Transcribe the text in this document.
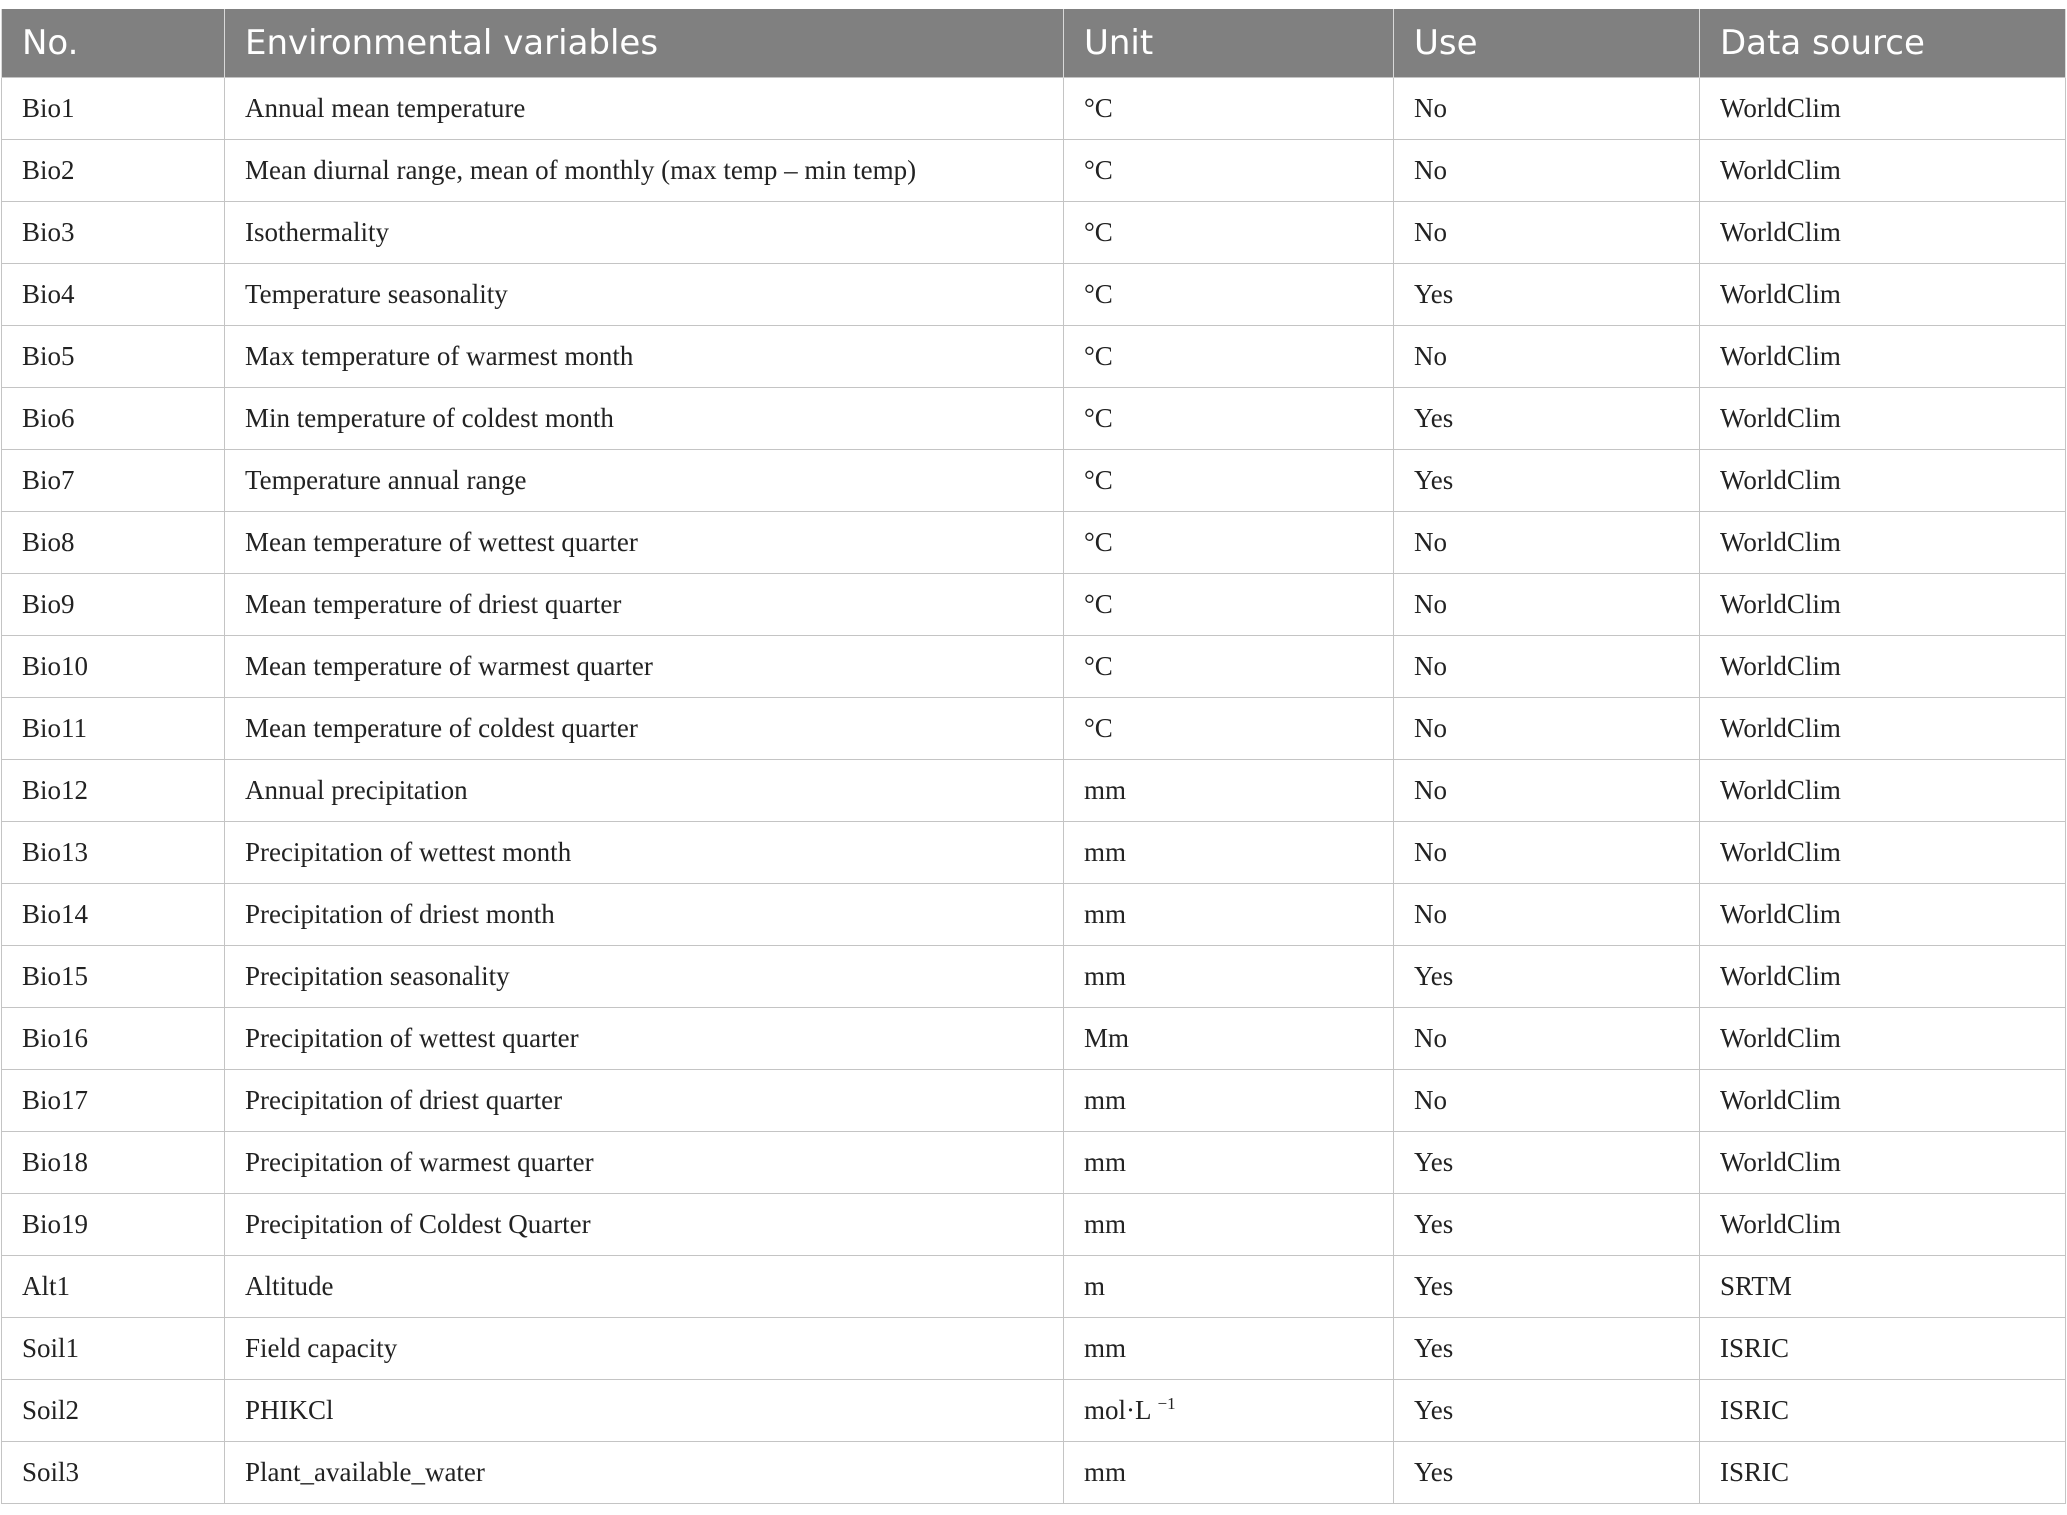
No.	Environmental variables	Unit	Use	Data source
Bio1	Annual mean temperature	°C	No	WorldClim
Bio2	Mean diurnal range, mean of monthly (max temp – min temp)	°C	No	WorldClim
Bio3	Isothermality	°C	No	WorldClim
Bio4	Temperature seasonality	°C	Yes	WorldClim
Bio5	Max temperature of warmest month	°C	No	WorldClim
Bio6	Min temperature of coldest month	°C	Yes	WorldClim
Bio7	Temperature annual range	°C	Yes	WorldClim
Bio8	Mean temperature of wettest quarter	°C	No	WorldClim
Bio9	Mean temperature of driest quarter	°C	No	WorldClim
Bio10	Mean temperature of warmest quarter	°C	No	WorldClim
Bio11	Mean temperature of coldest quarter	°C	No	WorldClim
Bio12	Annual precipitation	mm	No	WorldClim
Bio13	Precipitation of wettest month	mm	No	WorldClim
Bio14	Precipitation of driest month	mm	No	WorldClim
Bio15	Precipitation seasonality	mm	Yes	WorldClim
Bio16	Precipitation of wettest quarter	Mm	No	WorldClim
Bio17	Precipitation of driest quarter	mm	No	WorldClim
Bio18	Precipitation of warmest quarter	mm	Yes	WorldClim
Bio19	Precipitation of Coldest Quarter	mm	Yes	WorldClim
Alt1	Altitude	m	Yes	SRTM
Soil1	Field capacity	mm	Yes	ISRIC
Soil2	PHIKCl	mol·L $^{-1}$	Yes	ISRIC
Soil3	Plant_available_water	mm	Yes	ISRIC
